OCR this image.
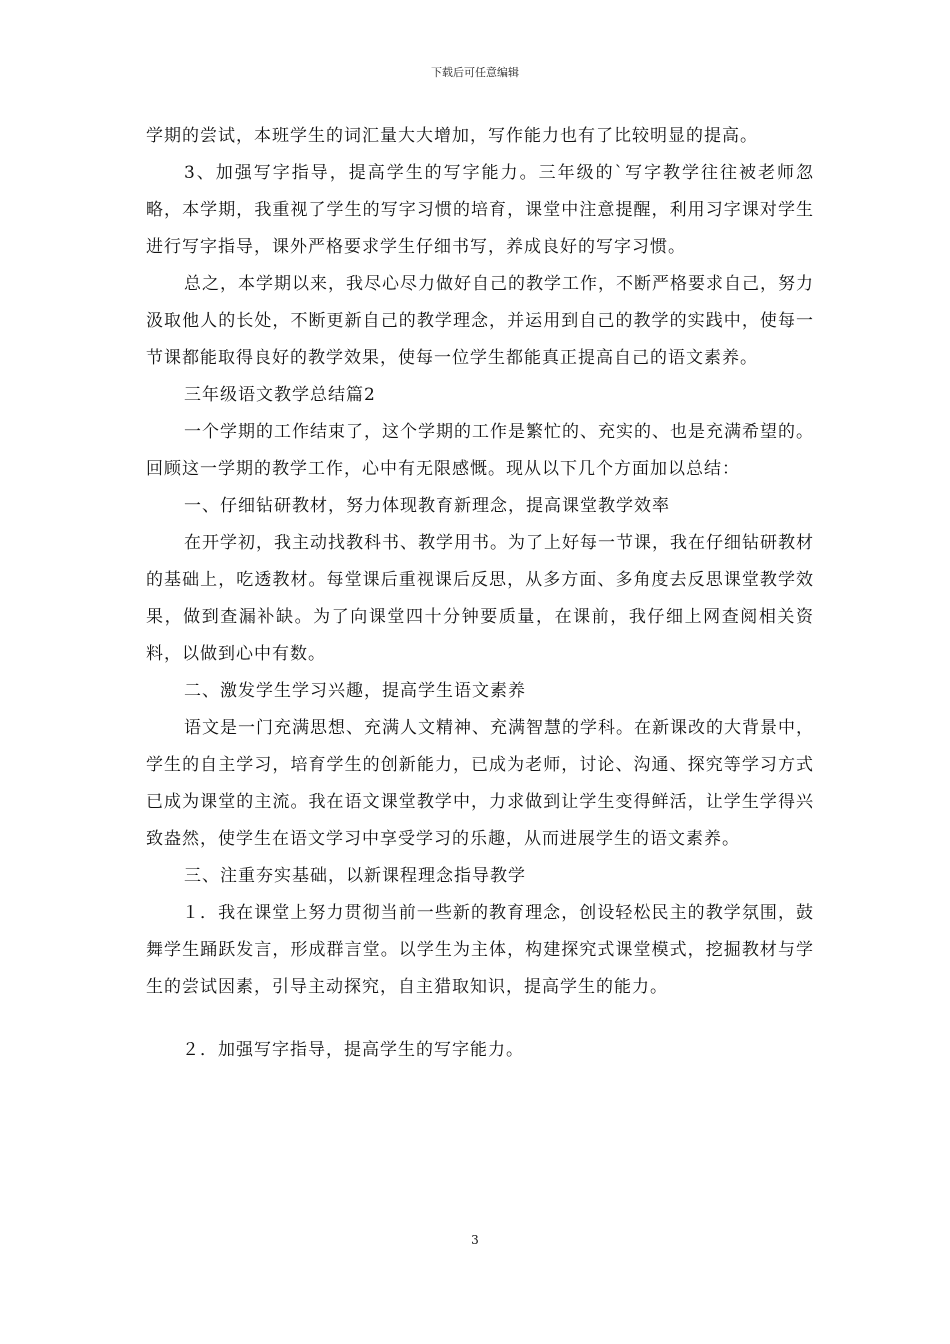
下载后可任意编辑

学期的尝试，本班学生的词汇量大大增加，写作能力也有了比较明显的提高。

3、加强写字指导，提高学生的写字能力。三年级的`写字教学往往被老师忽略，本学期，我重视了学生的写字习惯的培育，课堂中注意提醒，利用习字课对学生进行写字指导，课外严格要求学生仔细书写，养成良好的写字习惯。

总之，本学期以来，我尽心尽力做好自己的教学工作，不断严格要求自己，努力汲取他人的长处，不断更新自己的教学理念，并运用到自己的教学的实践中，使每一节课都能取得良好的教学效果，使每一位学生都能真正提高自己的语文素养。

三年级语文教学总结篇2

一个学期的工作结束了，这个学期的工作是繁忙的、充实的、也是充满希望的。回顾这一学期的教学工作，心中有无限感慨。现从以下几个方面加以总结：

一、仔细钻研教材，努力体现教育新理念，提高课堂教学效率

在开学初，我主动找教科书、教学用书。为了上好每一节课，我在仔细钻研教材的基础上，吃透教材。每堂课后重视课后反思，从多方面、多角度去反思课堂教学效果，做到查漏补缺。为了向课堂四十分钟要质量，在课前，我仔细上网查阅相关资料，以做到心中有数。

二、激发学生学习兴趣，提高学生语文素养

语文是一门充满思想、充满人文精神、充满智慧的学科。在新课改的大背景中，学生的自主学习，培育学生的创新能力，已成为老师，讨论、沟通、探究等学习方式已成为课堂的主流。我在语文课堂教学中，力求做到让学生变得鲜活，让学生学得兴致盎然，使学生在语文学习中享受学习的乐趣，从而进展学生的语文素养。

三、注重夯实基础，以新课程理念指导教学

１．我在课堂上努力贯彻当前一些新的教育理念，创设轻松民主的教学氛围，鼓舞学生踊跃发言，形成群言堂。以学生为主体，构建探究式课堂模式，挖掘教材与学生的尝试因素，引导主动探究，自主猎取知识，提高学生的能力。

２．加强写字指导，提高学生的写字能力。

3
